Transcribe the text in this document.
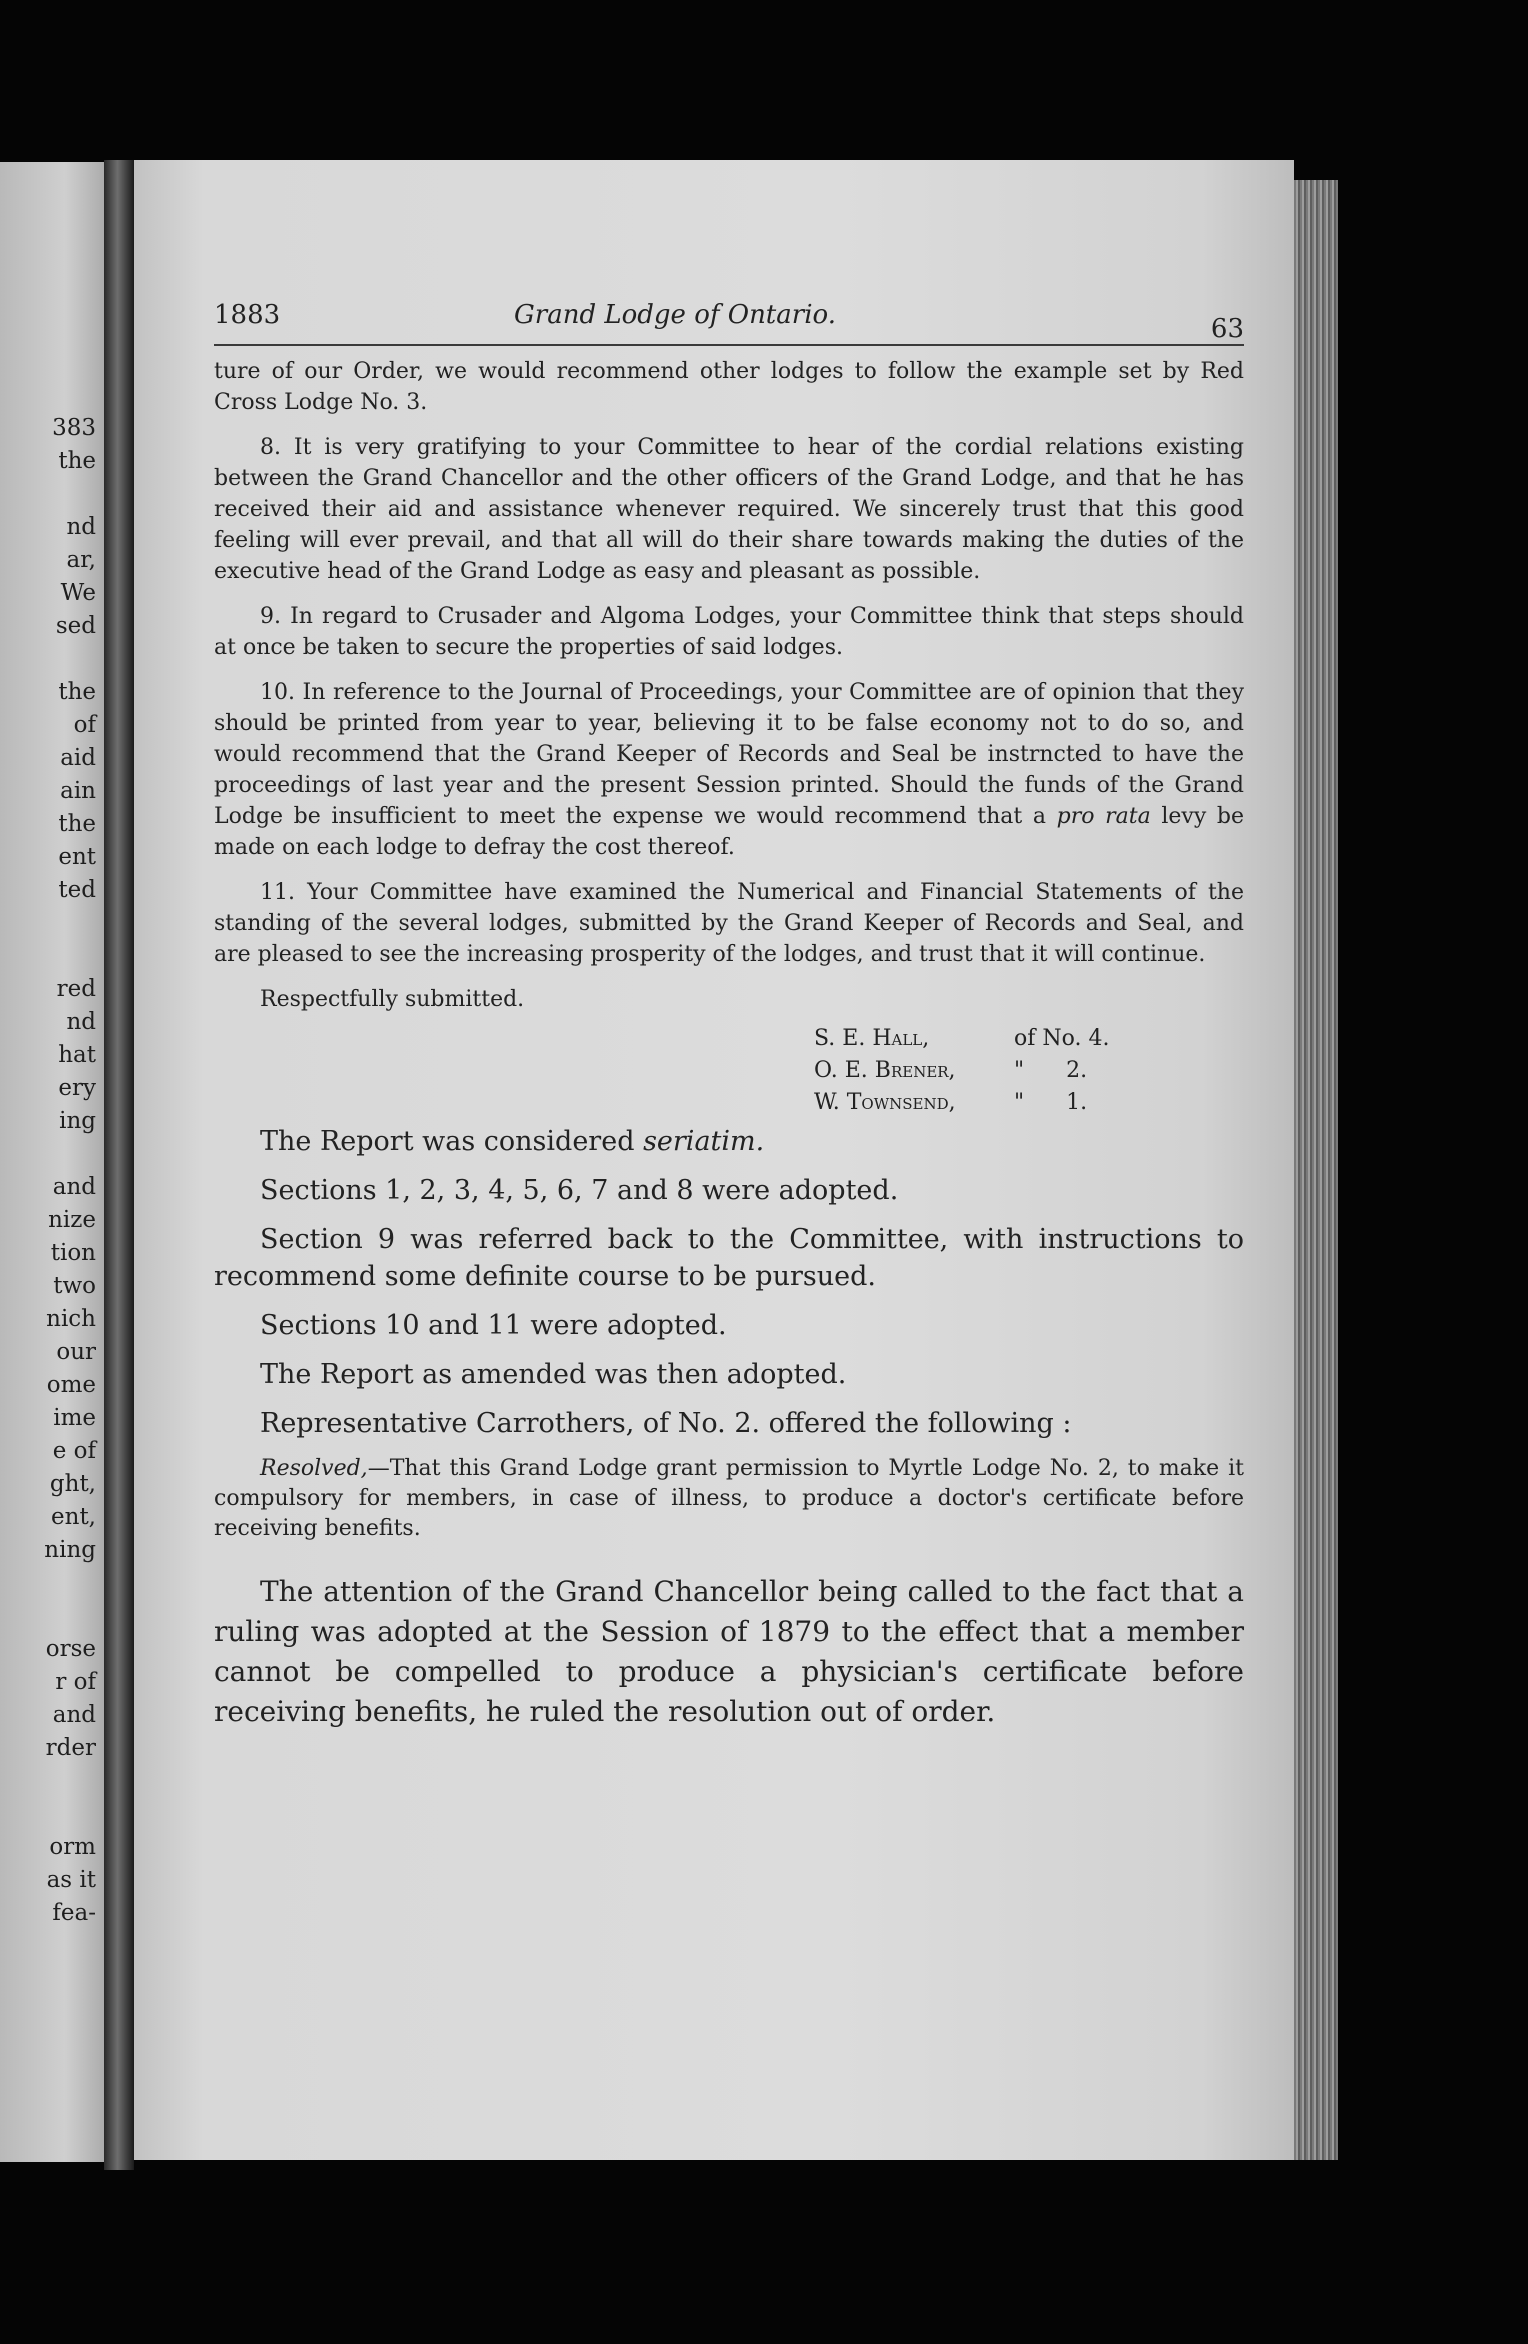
383
the
nd
ar,
We
sed
the
of
aid
ain
the
ent
ted
red
nd
hat
ery
ing
and
nize
tion
two
nich
our
ome
ime
e of
ght,
ent,
ning
orse
r of
and
rder
orm
as it
fea-
1883	Grand Lodge of Ontario.	63

ture of our Order, we would recommend other lodges to follow the example set by Red Cross Lodge No. 3.

8. It is very gratifying to your Committee to hear of the cordial relations existing between the Grand Chancellor and the other officers of the Grand Lodge, and that he has received their aid and assistance whenever required. We sincerely trust that this good feeling will ever prevail, and that all will do their share towards making the duties of the executive head of the Grand Lodge as easy and pleasant as possible.

9. In regard to Crusader and Algoma Lodges, your Committee think that steps should at once be taken to secure the properties of said lodges.

10. In reference to the Journal of Proceedings, your Committee are of opinion that they should be printed from year to year, believing it to be false economy not to do so, and would recommend that the Grand Keeper of Records and Seal be instrncted to have the proceedings of last year and the present Session printed. Should the funds of the Grand Lodge be insufficient to meet the expense we would recommend that a pro rata levy be made on each lodge to defray the cost thereof.

11. Your Committee have examined the Numerical and Financial Statements of the standing of the several lodges, submitted by the Grand Keeper of Records and Seal, and are pleased to see the increasing prosperity of the lodges, and trust that it will continue.

Respectfully submitted.

S. E. Hall,	of No. 4.
O. E. Brener,	"      2.
W. Townsend,	"      1.

The Report was considered seriatim.

Sections 1, 2, 3, 4, 5, 6, 7 and 8 were adopted.

Section 9 was referred back to the Committee, with instructions to recommend some definite course to be pursued.

Sections 10 and 11 were adopted.

The Report as amended was then adopted.

Representative Carrothers, of No. 2. offered the following :

Resolved,—That this Grand Lodge grant permission to Myrtle Lodge No. 2, to make it compulsory for members, in case of illness, to produce a doctor's certificate before receiving benefits.

The attention of the Grand Chancellor being called to the fact that a ruling was adopted at the Session of 1879 to the effect that a member cannot be compelled to produce a physician's certificate before receiving benefits, he ruled the resolution out of order.
